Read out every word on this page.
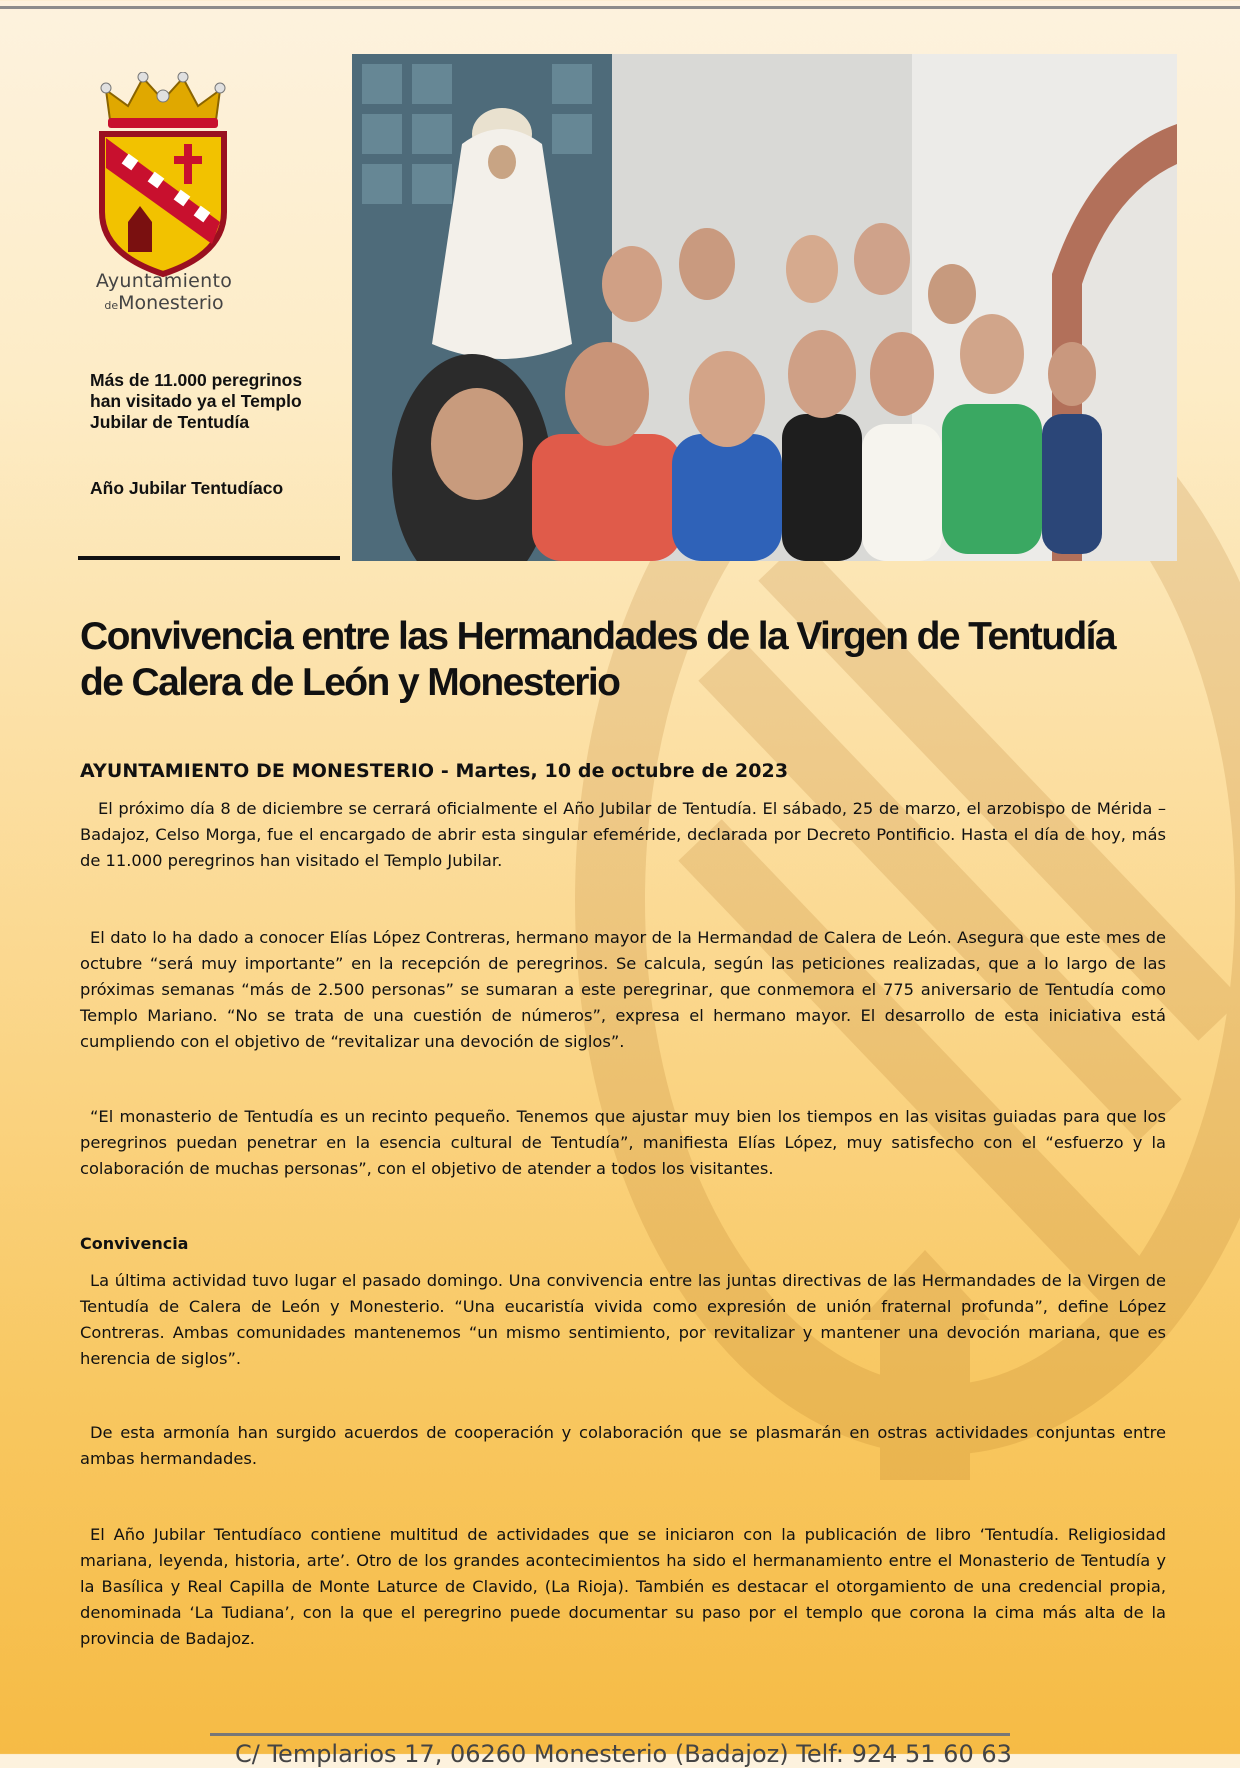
Ayuntamiento
deMonesterio
Más de 11.000 peregrinos han visitado ya el Templo Jubilar de Tentudía
Año Jubilar Tentudíaco
Convivencia entre las Hermandades de la Virgen de Tentudía de Calera de León y Monesterio

AYUNTAMIENTO DE MONESTERIO - Martes, 10 de octubre de 2023

El próximo día 8 de diciembre se cerrará oficialmente el Año Jubilar de Tentudía. El sábado, 25 de marzo, el arzobispo de Mérida – Badajoz, Celso Morga, fue el encargado de abrir esta singular efeméride, declarada por Decreto Pontificio. Hasta el día de hoy, más de 11.000 peregrinos han visitado el Templo Jubilar.

El dato lo ha dado a conocer Elías López Contreras, hermano mayor de la Hermandad de Calera de León. Asegura que este mes de octubre “será muy importante” en la recepción de peregrinos. Se calcula, según las peticiones realizadas, que a lo largo de las próximas semanas “más de 2.500 personas” se sumaran a este peregrinar, que conmemora el 775 aniversario de Tentudía como Templo Mariano. “No se trata de una cuestión de números”, expresa el hermano mayor. El desarrollo de esta iniciativa está cumpliendo con el objetivo de “revitalizar una devoción de siglos”.

“El monasterio de Tentudía es un recinto pequeño. Tenemos que ajustar muy bien los tiempos en las visitas guiadas para que los peregrinos puedan penetrar en la esencia cultural de Tentudía”, manifiesta Elías López, muy satisfecho con el “esfuerzo y la colaboración de muchas personas”, con el objetivo de atender a todos los visitantes.

Convivencia

La última actividad tuvo lugar el pasado domingo. Una convivencia entre las juntas directivas de las Hermandades de la Virgen de Tentudía de Calera de León y Monesterio. “Una eucaristía vivida como expresión de unión fraternal profunda”, define López Contreras. Ambas comunidades mantenemos “un mismo sentimiento, por revitalizar y mantener una devoción mariana, que es herencia de siglos”.

De esta armonía han surgido acuerdos de cooperación y colaboración que se plasmarán en ostras actividades conjuntas entre ambas hermandades.

El Año Jubilar Tentudíaco contiene multitud de actividades que se iniciaron con la publicación de libro ‘Tentudía. Religiosidad mariana, leyenda, historia, arte’. Otro de los grandes acontecimientos ha sido el hermanamiento entre el Monasterio de Tentudía y la Basílica y Real Capilla de Monte Laturce de Clavido, (La Rioja). También es destacar el otorgamiento de una credencial propia, denominada ‘La Tudiana’, con la que el peregrino puede documentar su paso por el templo que corona la cima más alta de la provincia de Badajoz.

C/ Templarios 17, 06260 Monesterio (Badajoz) Telf: 924 51 60 63
